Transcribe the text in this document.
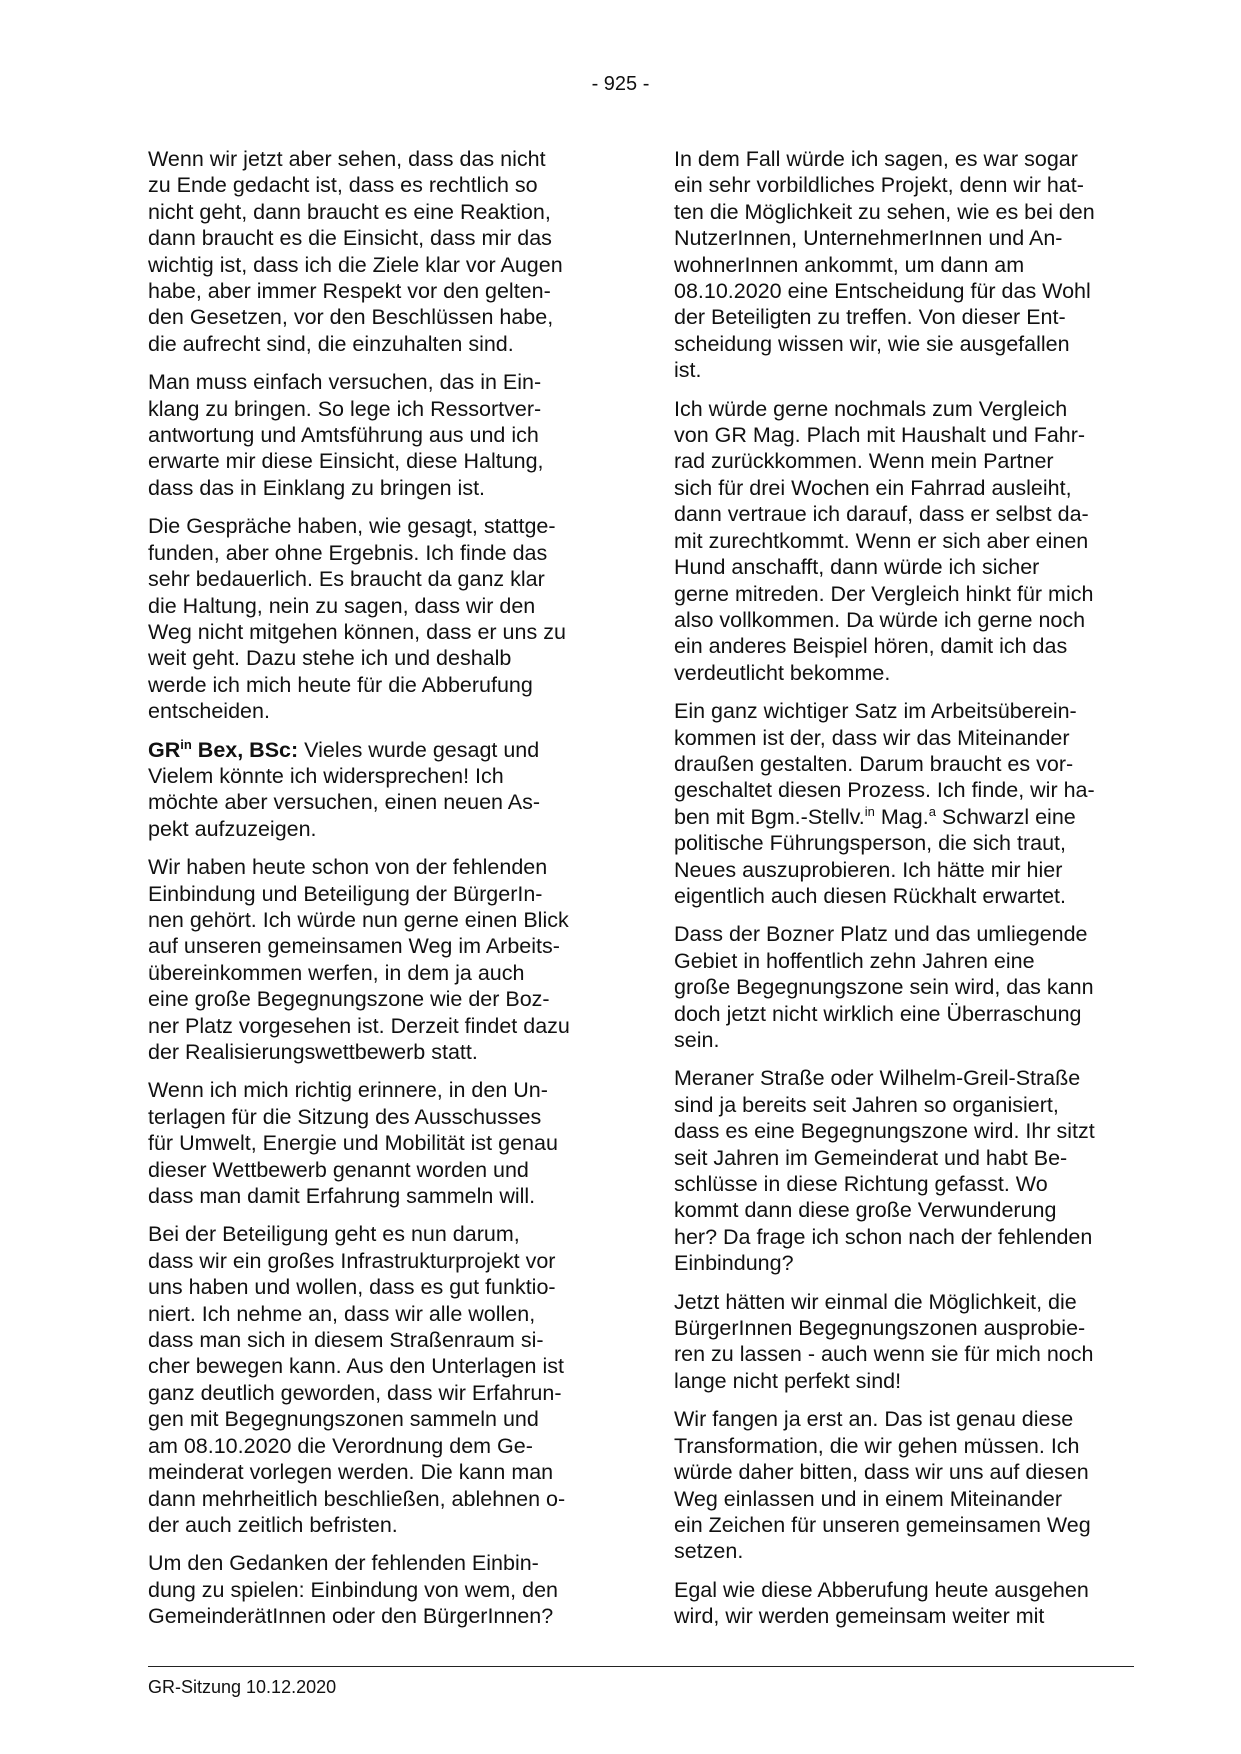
- 925 -

Wenn wir jetzt aber sehen, dass das nicht
zu Ende gedacht ist, dass es rechtlich so
nicht geht, dann braucht es eine Reaktion,
dann braucht es die Einsicht, dass mir das
wichtig ist, dass ich die Ziele klar vor Augen
habe, aber immer Respekt vor den gelten-
den Gesetzen, vor den Beschlüssen habe,
die aufrecht sind, die einzuhalten sind.

Man muss einfach versuchen, das in Ein-
klang zu bringen. So lege ich Ressortver-
antwortung und Amtsführung aus und ich
erwarte mir diese Einsicht, diese Haltung,
dass das in Einklang zu bringen ist.

Die Gespräche haben, wie gesagt, stattge-
funden, aber ohne Ergebnis. Ich finde das
sehr bedauerlich. Es braucht da ganz klar
die Haltung, nein zu sagen, dass wir den
Weg nicht mitgehen können, dass er uns zu
weit geht. Dazu stehe ich und deshalb
werde ich mich heute für die Abberufung
entscheiden.

$GR^{in}$ Bex, BSc: Vieles wurde gesagt und
Vielem könnte ich widersprechen! Ich
möchte aber versuchen, einen neuen As-
pekt aufzuzeigen.

Wir haben heute schon von der fehlenden
Einbindung und Beteiligung der BürgerIn-
nen gehört. Ich würde nun gerne einen Blick
auf unseren gemeinsamen Weg im Arbeits-
übereinkommen werfen, in dem ja auch
eine große Begegnungszone wie der Boz-
ner Platz vorgesehen ist. Derzeit findet dazu
der Realisierungswettbewerb statt.

Wenn ich mich richtig erinnere, in den Un-
terlagen für die Sitzung des Ausschusses
für Umwelt, Energie und Mobilität ist genau
dieser Wettbewerb genannt worden und
dass man damit Erfahrung sammeln will.

Bei der Beteiligung geht es nun darum,
dass wir ein großes Infrastrukturprojekt vor
uns haben und wollen, dass es gut funktio-
niert. Ich nehme an, dass wir alle wollen,
dass man sich in diesem Straßenraum si-
cher bewegen kann. Aus den Unterlagen ist
ganz deutlich geworden, dass wir Erfahrun-
gen mit Begegnungszonen sammeln und
am 08.10.2020 die Verordnung dem Ge-
meinderat vorlegen werden. Die kann man
dann mehrheitlich beschließen, ablehnen o-
der auch zeitlich befristen.

Um den Gedanken der fehlenden Einbin-
dung zu spielen: Einbindung von wem, den
GemeinderätInnen oder den BürgerInnen?

In dem Fall würde ich sagen, es war sogar
ein sehr vorbildliches Projekt, denn wir hat-
ten die Möglichkeit zu sehen, wie es bei den
NutzerInnen, UnternehmerInnen und An-
wohnerInnen ankommt, um dann am
08.10.2020 eine Entscheidung für das Wohl
der Beteiligten zu treffen. Von dieser Ent-
scheidung wissen wir, wie sie ausgefallen
ist.

Ich würde gerne nochmals zum Vergleich
von GR Mag. Plach mit Haushalt und Fahr-
rad zurückkommen. Wenn mein Partner
sich für drei Wochen ein Fahrrad ausleiht,
dann vertraue ich darauf, dass er selbst da-
mit zurechtkommt. Wenn er sich aber einen
Hund anschafft, dann würde ich sicher
gerne mitreden. Der Vergleich hinkt für mich
also vollkommen. Da würde ich gerne noch
ein anderes Beispiel hören, damit ich das
verdeutlicht bekomme.

Ein ganz wichtiger Satz im Arbeitsüberein-
kommen ist der, dass wir das Miteinander
draußen gestalten. Darum braucht es vor-
geschaltet diesen Prozess. Ich finde, wir ha-
ben mit Bgm.-Stellv.$^{in}$ Mag.$^a$ Schwarzl eine
politische Führungsperson, die sich traut,
Neues auszuprobieren. Ich hätte mir hier
eigentlich auch diesen Rückhalt erwartet.

Dass der Bozner Platz und das umliegende
Gebiet in hoffentlich zehn Jahren eine
große Begegnungszone sein wird, das kann
doch jetzt nicht wirklich eine Überraschung
sein.

Meraner Straße oder Wilhelm-Greil-Straße
sind ja bereits seit Jahren so organisiert,
dass es eine Begegnungszone wird. Ihr sitzt
seit Jahren im Gemeinderat und habt Be-
schlüsse in diese Richtung gefasst. Wo
kommt dann diese große Verwunderung
her? Da frage ich schon nach der fehlenden
Einbindung?

Jetzt hätten wir einmal die Möglichkeit, die
BürgerInnen Begegnungszonen ausprobie-
ren zu lassen - auch wenn sie für mich noch
lange nicht perfekt sind!

Wir fangen ja erst an. Das ist genau diese
Transformation, die wir gehen müssen. Ich
würde daher bitten, dass wir uns auf diesen
Weg einlassen und in einem Miteinander
ein Zeichen für unseren gemeinsamen Weg
setzen.

Egal wie diese Abberufung heute ausgehen
wird, wir werden gemeinsam weiter mit

GR-Sitzung 10.12.2020
